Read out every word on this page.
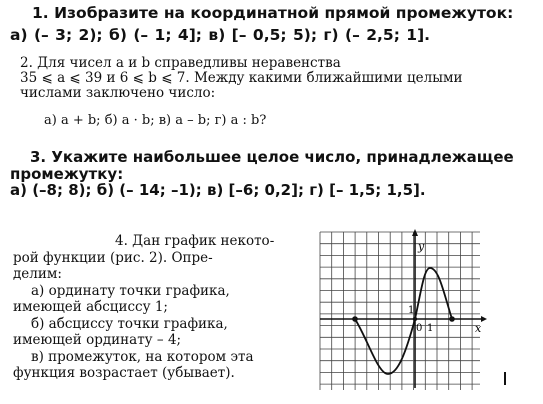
1. Изобразите на координатной прямой промежуток:
а) (– 3; 2); б) (– 1; 4]; в) [– 0,5; 5); г) (– 2,5; 1].
2. Для чисел a и b справедливы неравенства
35 ⩽ a ⩽ 39 и 6 ⩽ b ⩽ 7. Между какими ближайшими целыми
числами заключено число:
а) a + b; б) a · b; в) a – b; г) a : b?
3. Укажите наибольшее целое число, принадлежащее
промежутку:
а) (–8; 8); б) (– 14; –1); в) [–6; 0,2]; г) [– 1,5; 1,5].
4. Дан график некото-
рой функции (рис. 2). Опре-
делим:
а) ординату точки графика,
имеющей абсциссу 1;
б) абсциссу точки графика,
имеющей ординату – 4;
в) промежуток, на котором эта
функция возрастает (убывает).
y
x
0 1
1
